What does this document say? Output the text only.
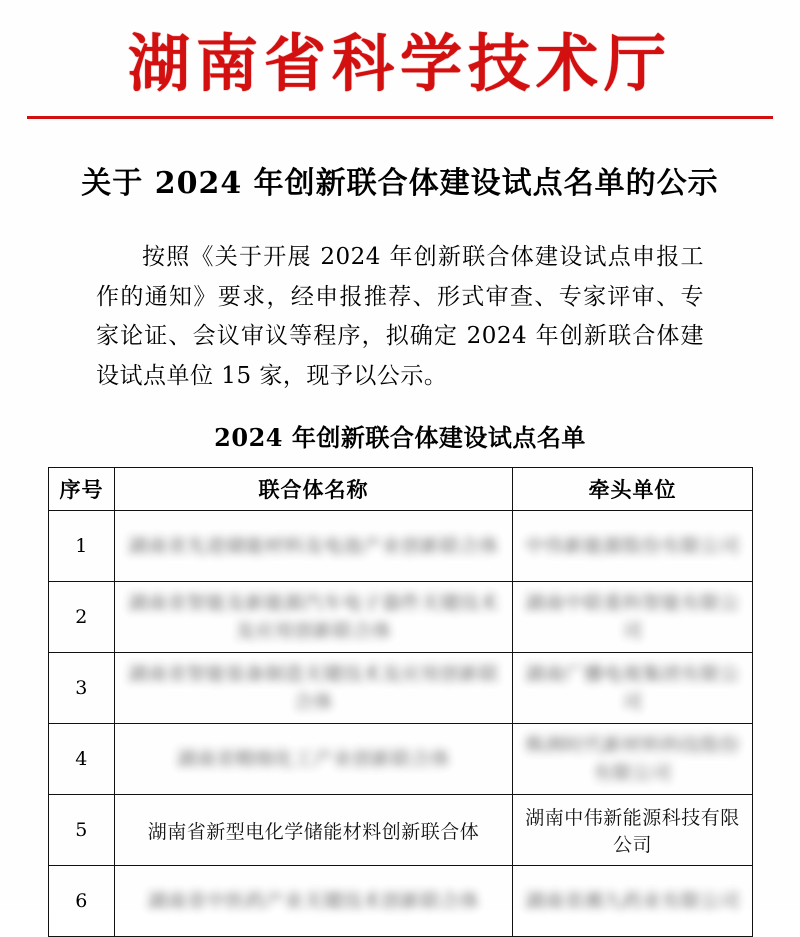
湖南省科学技术厅
关于 2024 年创新联合体建设试点名单的公示
按照《关于开展 2024 年创新联合体建设试点申报工作的通知》要求，经申报推荐、形式审查、专家评审、专家论证、会议审议等程序，拟确定 2024 年创新联合体建设试点单位 15 家，现予以公示。
2024 年创新联合体建设试点名单
序号	联合体名称	牵头单位
1	湖南省先进储能材料及电池产业创新联合体	中伟新能源股份有限公司
2	湖南省智能及新能源汽车电子器件关键技术及应用创新联合体	湖南中联重科智能有限公司
3	湖南省智能装备制造关键技术及应用创新联合体	湖南广播电视集团有限公司
4	湖南省精细化工产业创新联合体	株洲时代新材料科技股份有限公司
5	湖南省新型电化学储能材料创新联合体	湖南中伟新能源科技有限公司
6	湖南省中医药产业关键技术创新联合体	湖南省湘九药业有限公司
